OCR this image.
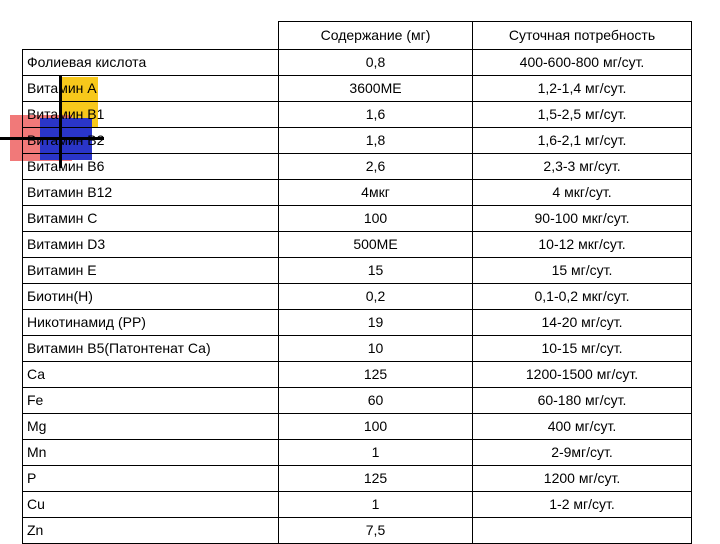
	Содержание (мг)	Суточная потребность
Фолиевая кислота	0,8	400-600-800 мг/сут.
Витамин А	3600МЕ	1,2-1,4 мг/сут.
Витамин В1	1,6	1,5-2,5 мг/сут.
Витамин В2	1,8	1,6-2,1 мг/сут.
Витамин В6	2,6	2,3-3 мг/сут.
Витамин В12	4мкг	4 мкг/сут.
Витамин С	100	90-100 мкг/сут.
Витамин D3	500МЕ	10-12 мкг/сут.
Витамин Е	15	15 мг/сут.
Биотин(Н)	0,2	0,1-0,2 мкг/сут.
Никотинамид (РР)	19	14-20 мг/сут.
Витамин В5(Патонтенат Са)	10	10-15 мг/сут.
Са	125	1200-1500 мг/сут.
Fe	60	60-180 мг/сут.
Mg	100	400 мг/сут.
Mn	1	2-9мг/сут.
P	125	1200 мг/сут.
Cu	1	1-2 мг/сут.
Zn	7,5	
